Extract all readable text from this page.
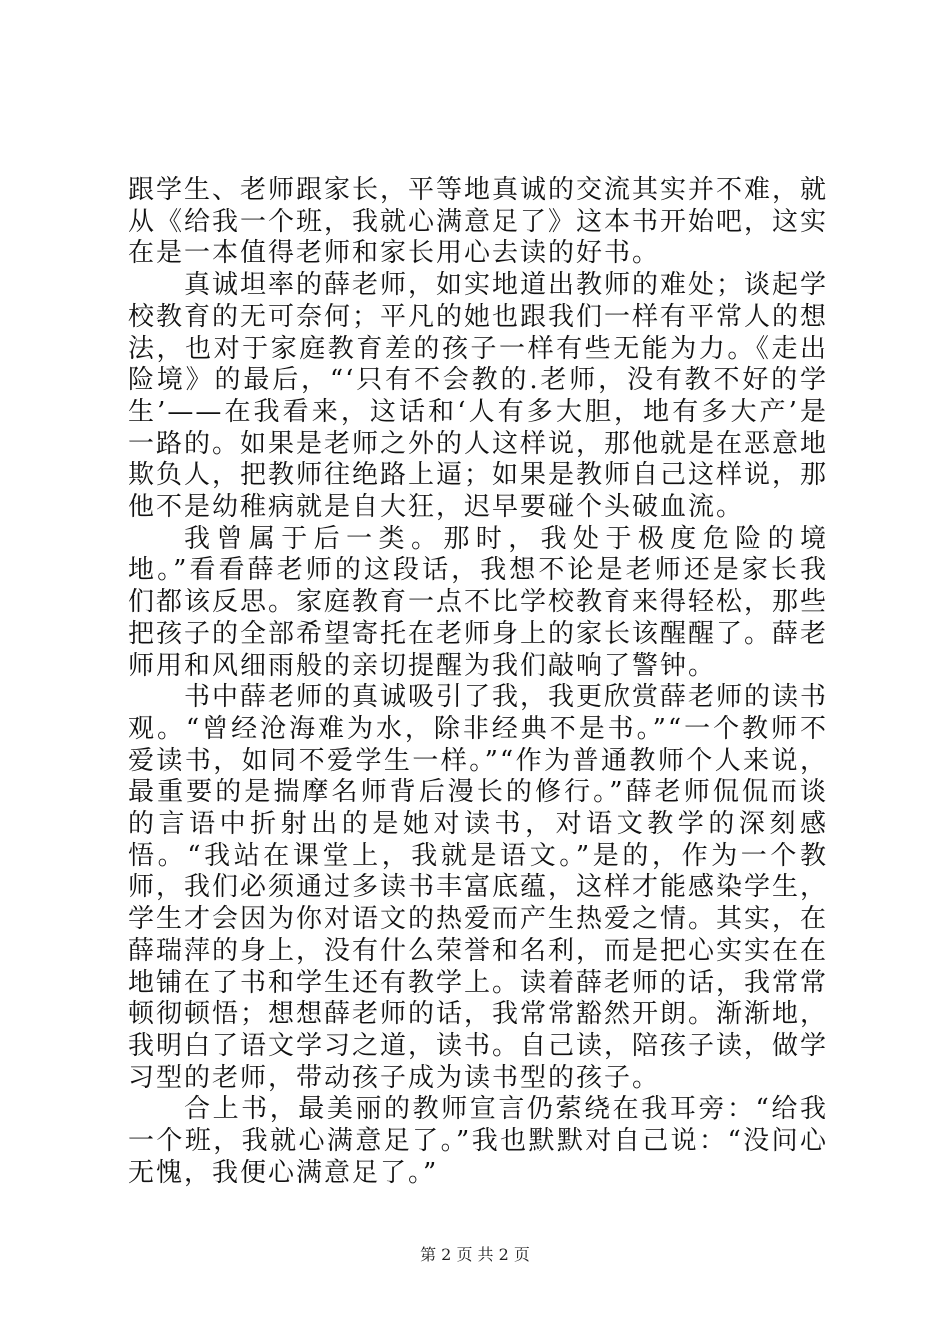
跟学生、老师跟家长，平等地真诚的交流其实并不难，就从《给我一个班，我就心满意足了》这本书开始吧，这实在是一本值得老师和家长用心去读的好书。

真诚坦率的薛老师，如实地道出教师的难处；谈起学校教育的无可奈何；平凡的她也跟我们一样有平常人的想法，也对于家庭教育差的孩子一样有些无能为力。《走出险境》的最后，“‘只有不会教的.老师，没有教不好的学生’——在我看来，这话和‘人有多大胆，地有多大产’是一路的。如果是老师之外的人这样说，那他就是在恶意地欺负人，把教师往绝路上逼；如果是教师自己这样说，那他不是幼稚病就是自大狂，迟早要碰个头破血流。

我曾属于后一类。那时，我处于极度危险的境地。”看看薛老师的这段话，我想不论是老师还是家长我们都该反思。家庭教育一点不比学校教育来得轻松，那些把孩子的全部希望寄托在老师身上的家长该醒醒了。薛老师用和风细雨般的亲切提醒为我们敲响了警钟。

书中薛老师的真诚吸引了我，我更欣赏薛老师的读书观。“曾经沧海难为水，除非经典不是书。”“一个教师不爱读书，如同不爱学生一样。”“作为普通教师个人来说，最重要的是揣摩名师背后漫长的修行。”薛老师侃侃而谈的言语中折射出的是她对读书，对语文教学的深刻感悟。“我站在课堂上，我就是语文。”是的，作为一个教师，我们必须通过多读书丰富底蕴，这样才能感染学生，学生才会因为你对语文的热爱而产生热爱之情。其实，在薛瑞萍的身上，没有什么荣誉和名利，而是把心实实在在地铺在了书和学生还有教学上。读着薛老师的话，我常常顿彻顿悟；想想薛老师的话，我常常豁然开朗。渐渐地，我明白了语文学习之道，读书。自己读，陪孩子读，做学习型的老师，带动孩子成为读书型的孩子。

合上书，最美丽的教师宣言仍萦绕在我耳旁：“给我一个班，我就心满意足了。”我也默默对自己说：“没问心无愧，我便心满意足了。”

第 2 页 共 2 页
